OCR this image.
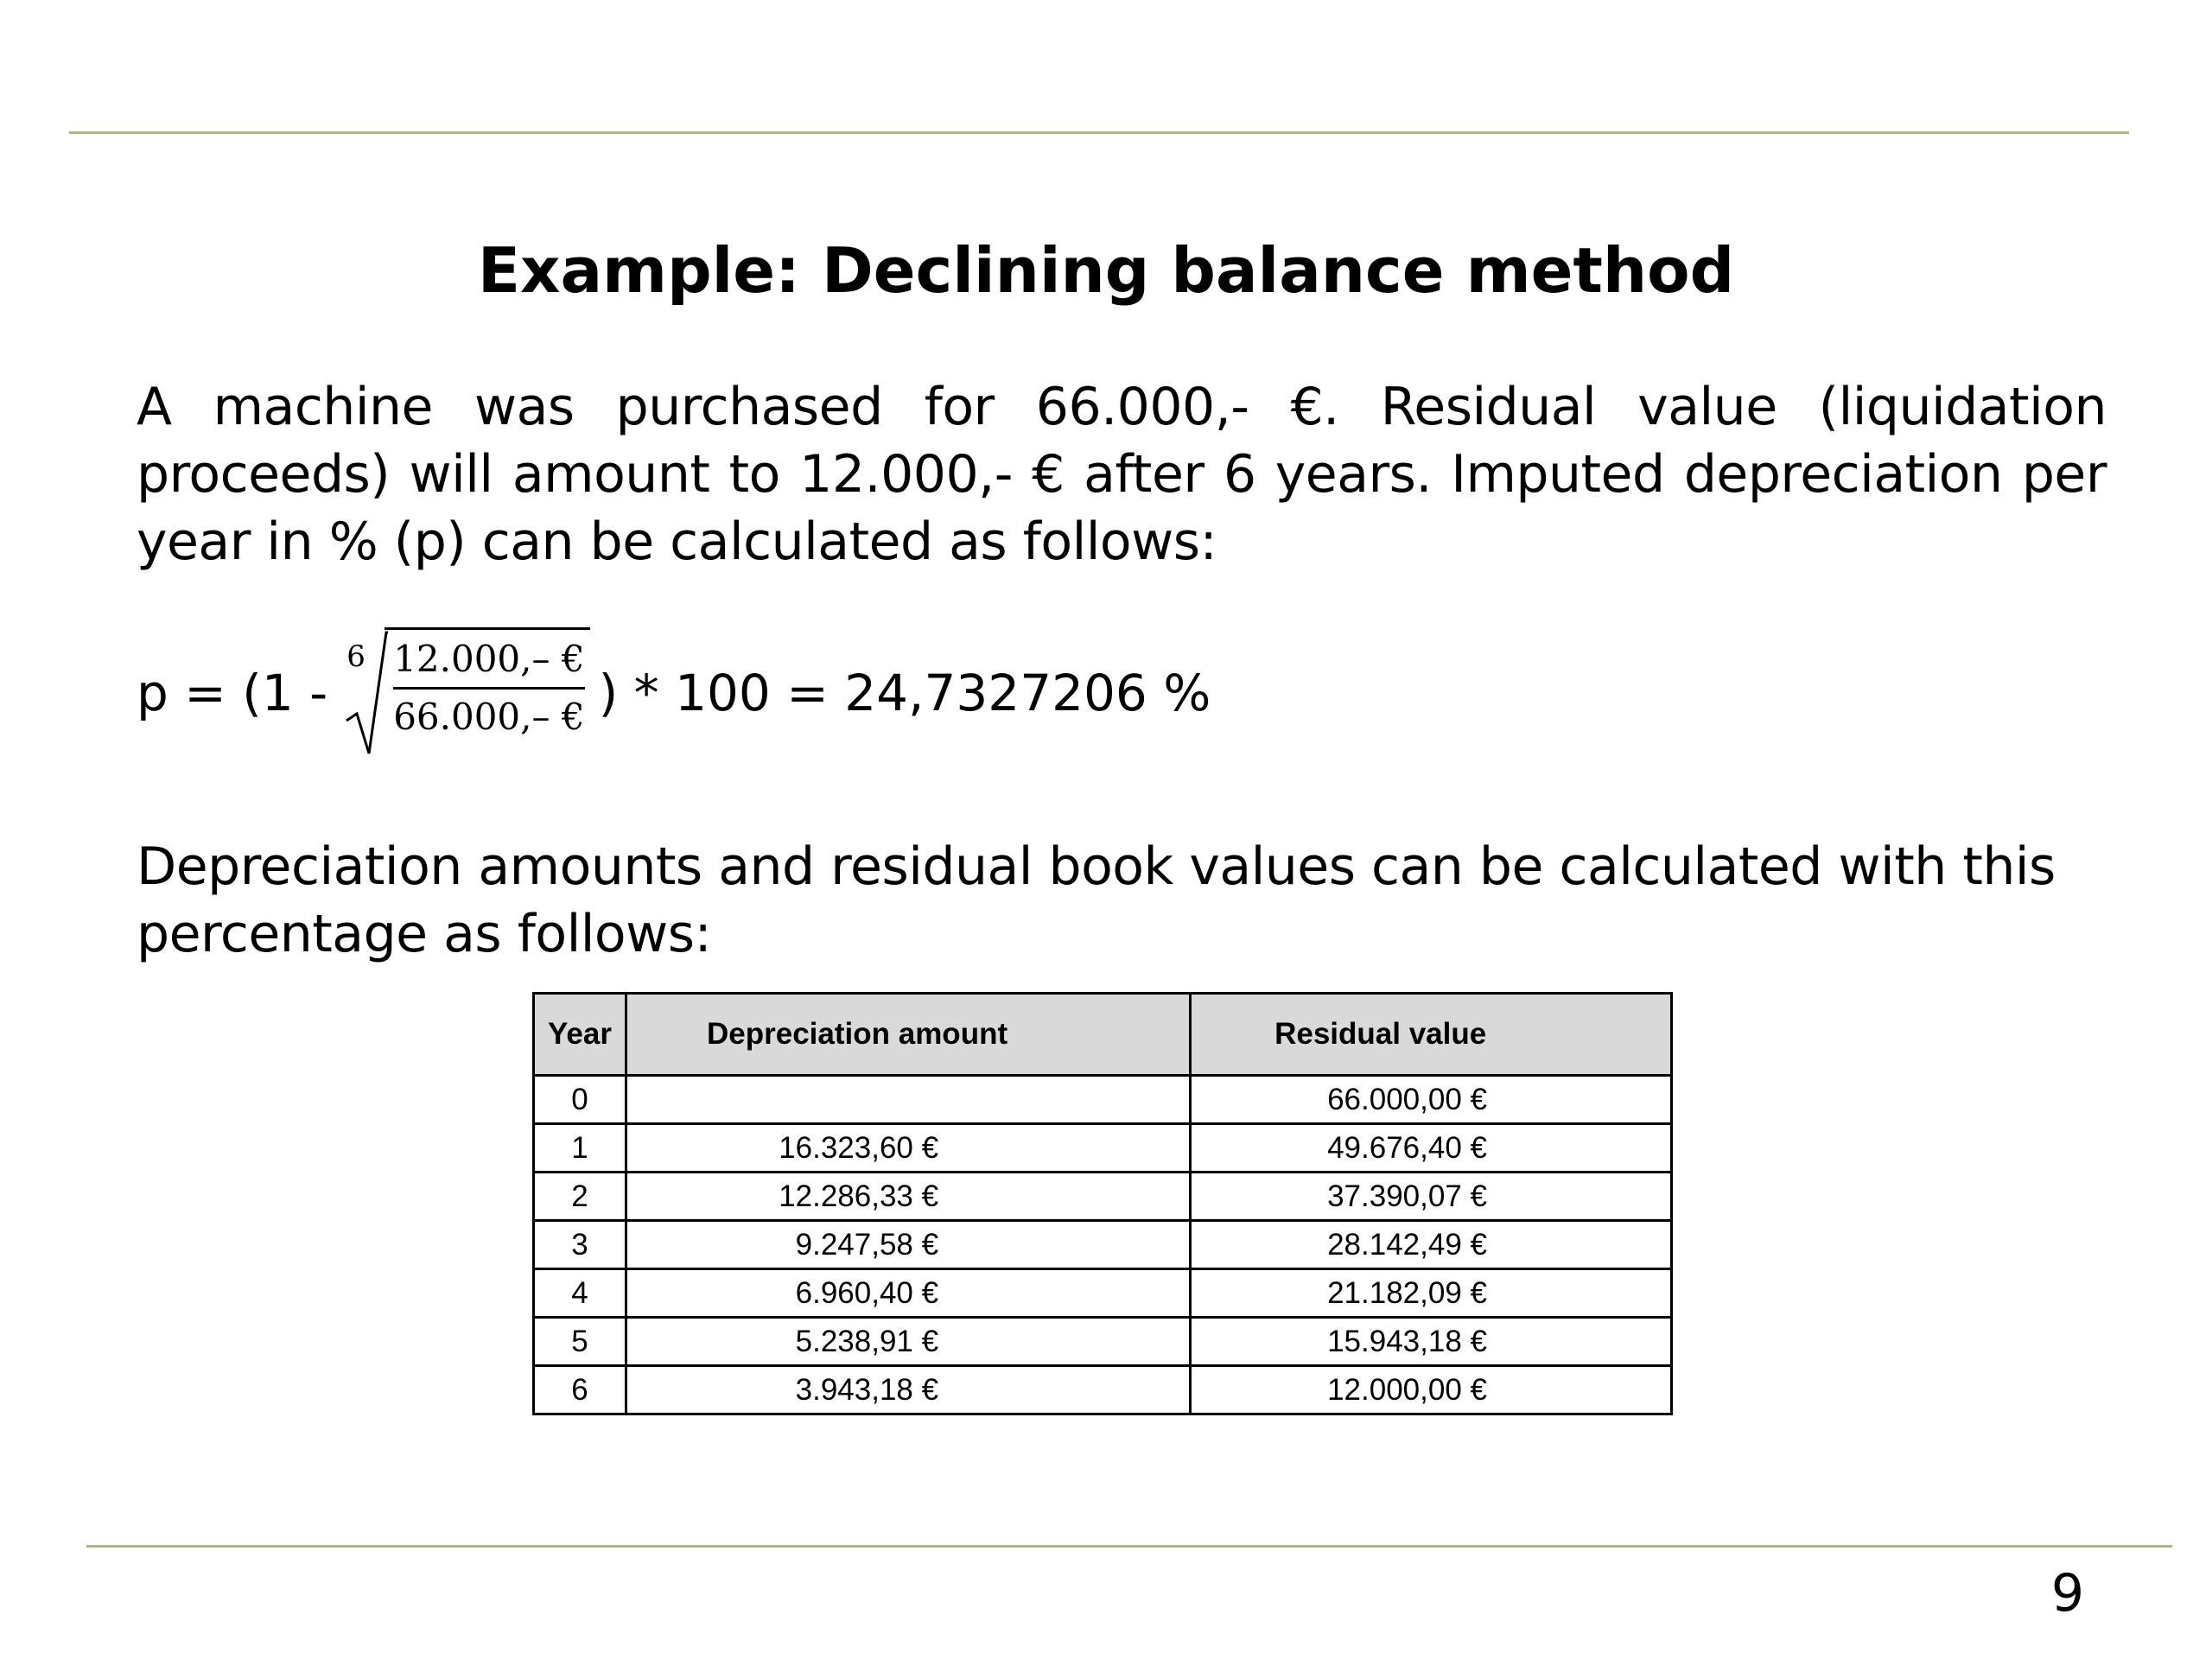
Example: Declining balance method
A machine was purchased for 66.000,- €. Residual value (liquidation proceeds) will amount to 12.000,- € after 6 years. Imputed depreciation per year in % (p) can be calculated as follows:
p = (1 -
6 12.000,– €
66.000,– € ) * 100 = 24,7327206 %
Depreciation amounts and residual book values can be calculated with this percentage as follows:
Year	Depreciation amount	Residual value
0		66.000,00 €
1	16.323,60 €	49.676,40 €
2	12.286,33 €	37.390,07 €
3	9.247,58 €	28.142,49 €
4	6.960,40 €	21.182,09 €
5	5.238,91 €	15.943,18 €
6	3.943,18 €	12.000,00 €
9
